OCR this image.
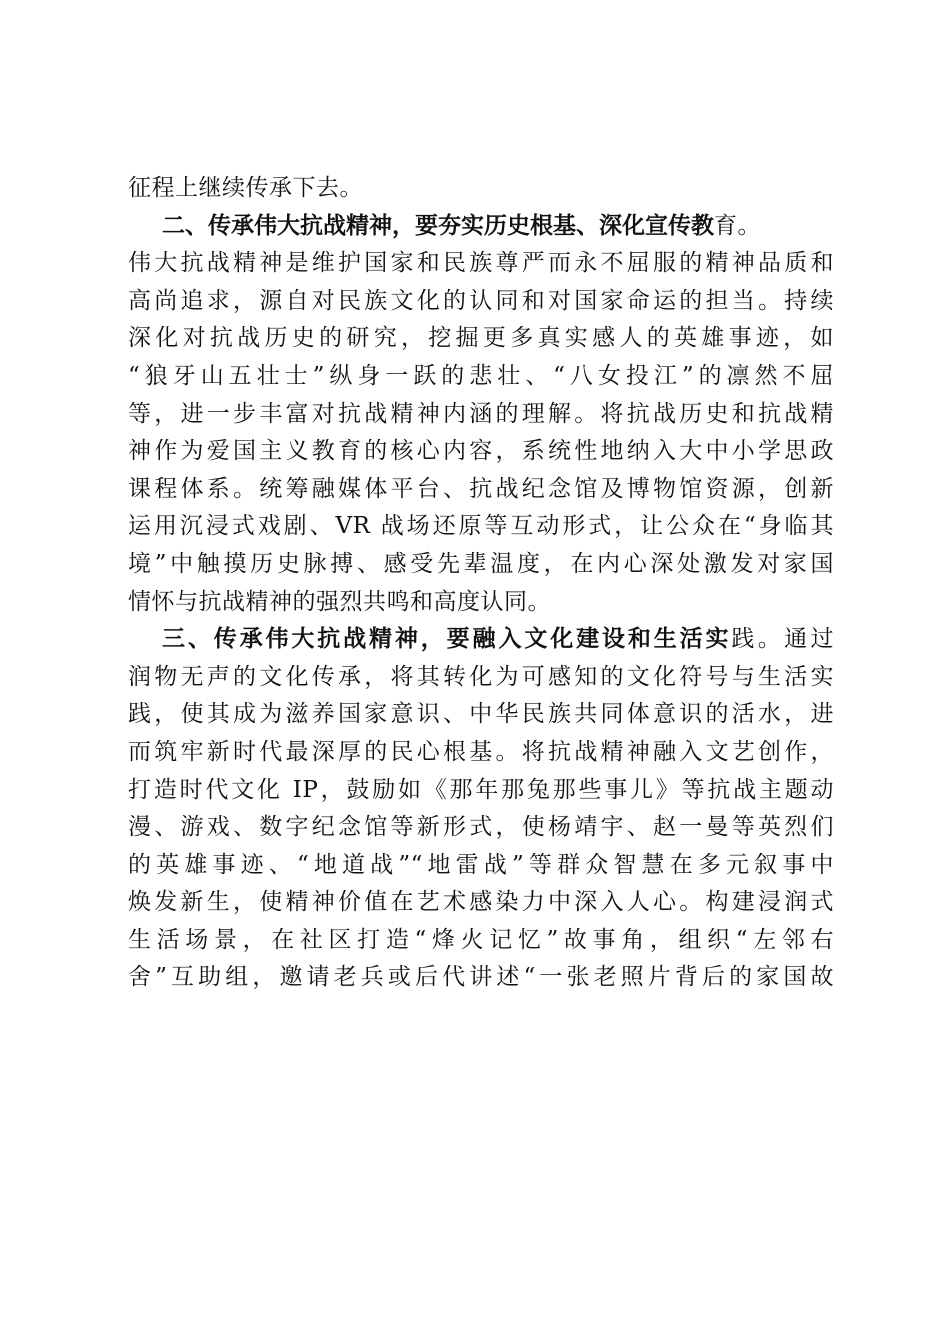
征程上继续传承下去。
二、传承伟大抗战精神，要夯实历史根基、深化宣传教育。
伟大抗战精神是维护国家和民族尊严而永不屈服的精神品质和
高尚追求，源自对民族文化的认同和对国家命运的担当。持续
深化对抗战历史的研究，挖掘更多真实感人的英雄事迹，如
“狼牙山五壮士”纵身一跃的悲壮、“八女投江”的凛然不屈
等，进一步丰富对抗战精神内涵的理解。将抗战历史和抗战精
神作为爱国主义教育的核心内容，系统性地纳入大中小学思政
课程体系。统筹融媒体平台、抗战纪念馆及博物馆资源，创新
运用沉浸式戏剧、VR 战场还原等互动形式，让公众在“身临其
境”中触摸历史脉搏、感受先辈温度，在内心深处激发对家国
情怀与抗战精神的强烈共鸣和高度认同。
三、传承伟大抗战精神，要融入文化建设和生活实践。通过
润物无声的文化传承，将其转化为可感知的文化符号与生活实
践，使其成为滋养国家意识、中华民族共同体意识的活水，进
而筑牢新时代最深厚的民心根基。将抗战精神融入文艺创作，
打造时代文化 IP，鼓励如《那年那兔那些事儿》等抗战主题动
漫、游戏、数字纪念馆等新形式，使杨靖宇、赵一曼等英烈们
的英雄事迹、“地道战”“地雷战”等群众智慧在多元叙事中
焕发新生，使精神价值在艺术感染力中深入人心。构建浸润式
生活场景，在社区打造“烽火记忆”故事角，组织“左邻右
舍”互助组，邀请老兵或后代讲述“一张老照片背后的家国故
